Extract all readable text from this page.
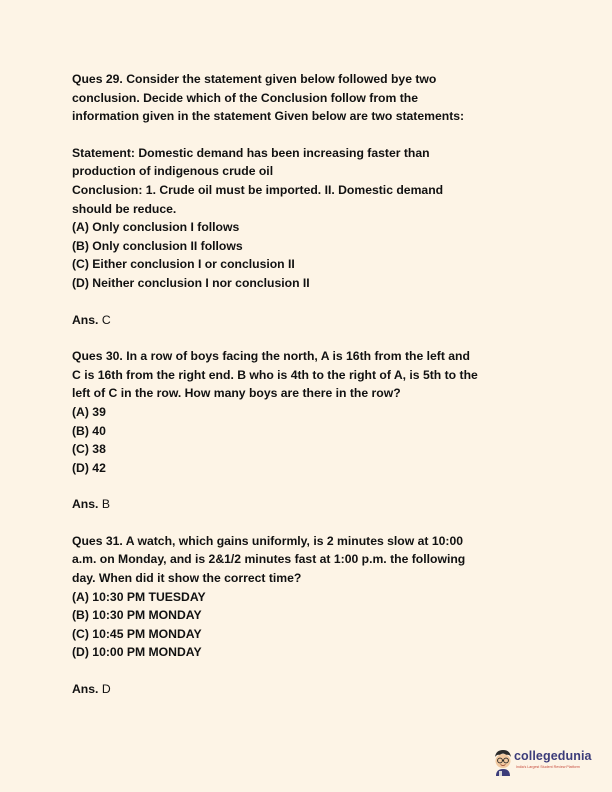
Ques 29. Consider the statement given below followed bye two
conclusion. Decide which of the Conclusion follow from the
information given in the statement Given below are two statements:
Statement: Domestic demand has been increasing faster than
production of indigenous crude oil
Conclusion: 1. Crude oil must be imported. II. Domestic demand
should be reduce.
(A) Only conclusion I follows
(B) Only conclusion II follows
(C) Either conclusion I or conclusion II
(D) Neither conclusion I nor conclusion II
Ans. C
Ques 30. In a row of boys facing the north, A is 16th from the left and
C is 16th from the right end. B who is 4th to the right of A, is 5th to the
left of C in the row. How many boys are there in the row?
(A) 39
(B) 40
(C) 38
(D) 42
Ans. B
Ques 31. A watch, which gains uniformly, is 2 minutes slow at 10:00
a.m. on Monday, and is 2&1/2 minutes fast at 1:00 p.m. the following
day. When did it show the correct time?
(A) 10:30 PM TUESDAY
(B) 10:30 PM MONDAY
(C) 10:45 PM MONDAY
(D) 10:00 PM MONDAY
Ans. D
collegedunia
India's Largest Student Review Platform
